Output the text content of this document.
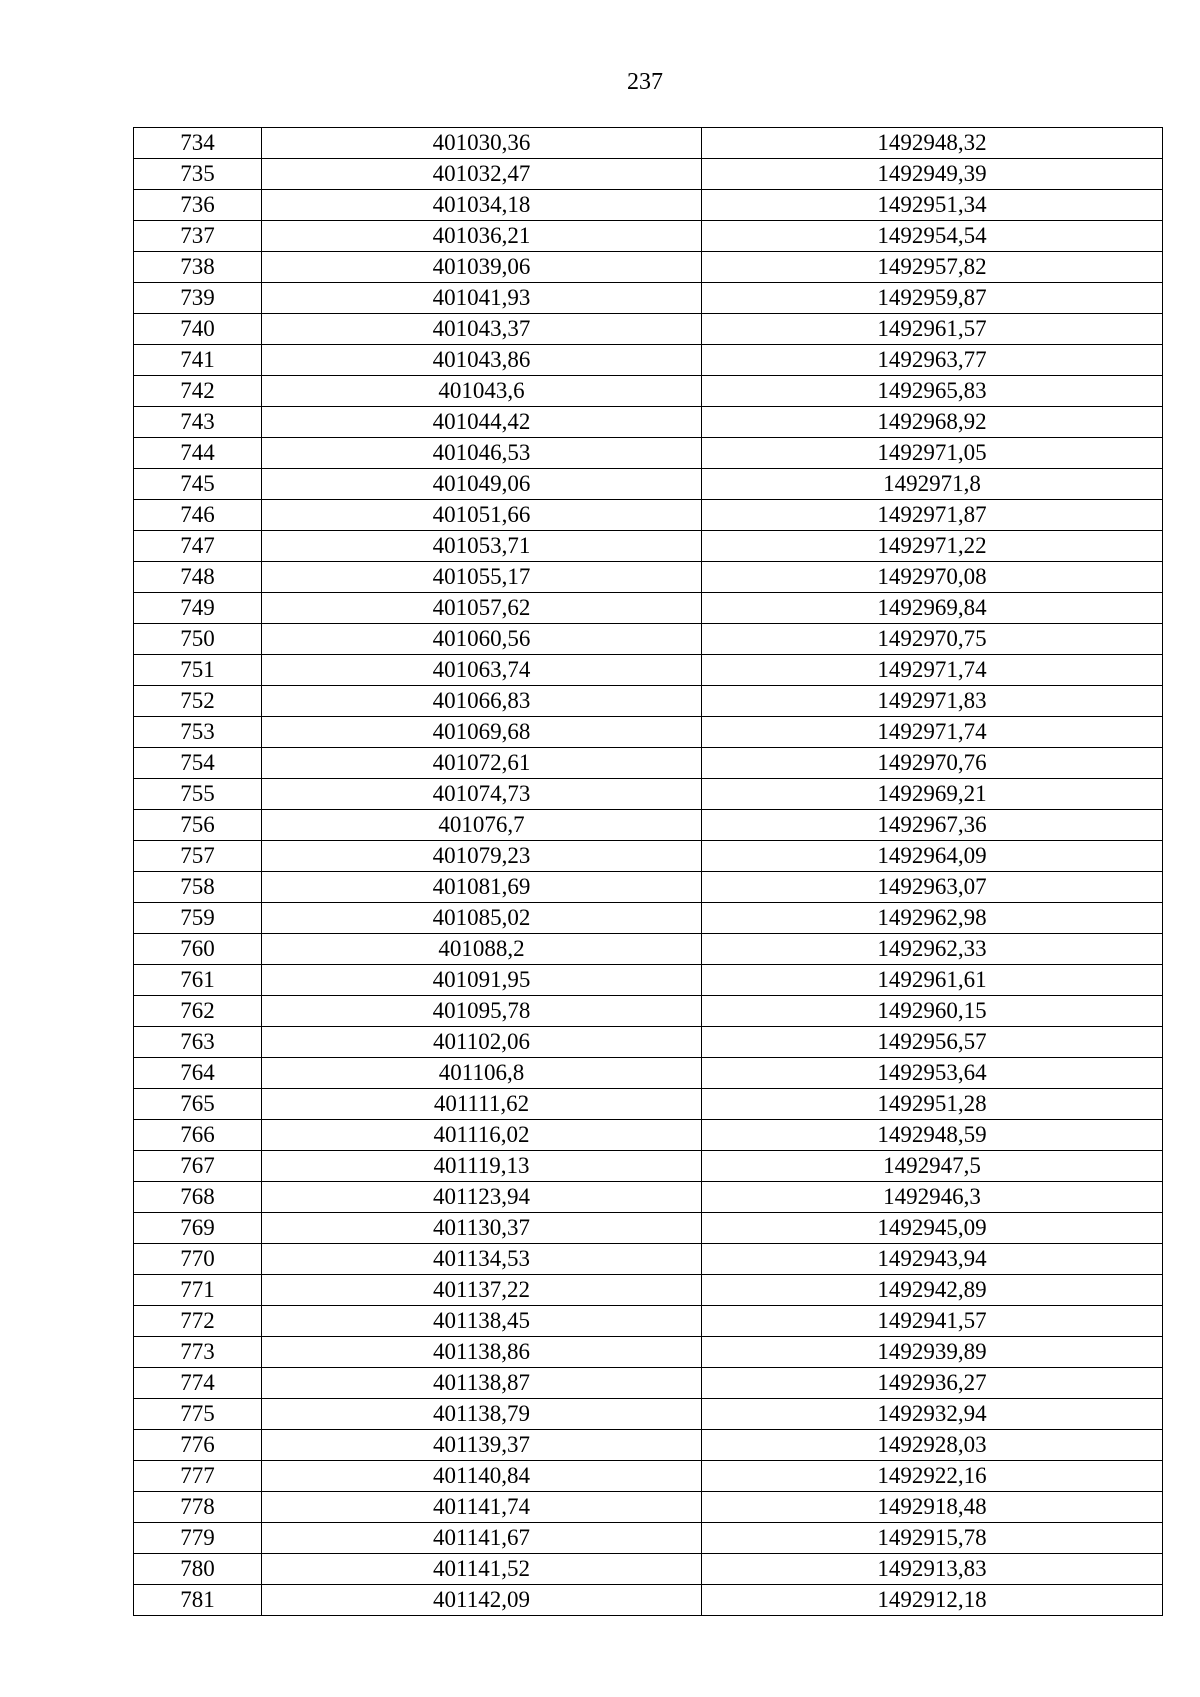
237
734	401030,36	1492948,32
735	401032,47	1492949,39
736	401034,18	1492951,34
737	401036,21	1492954,54
738	401039,06	1492957,82
739	401041,93	1492959,87
740	401043,37	1492961,57
741	401043,86	1492963,77
742	401043,6	1492965,83
743	401044,42	1492968,92
744	401046,53	1492971,05
745	401049,06	1492971,8
746	401051,66	1492971,87
747	401053,71	1492971,22
748	401055,17	1492970,08
749	401057,62	1492969,84
750	401060,56	1492970,75
751	401063,74	1492971,74
752	401066,83	1492971,83
753	401069,68	1492971,74
754	401072,61	1492970,76
755	401074,73	1492969,21
756	401076,7	1492967,36
757	401079,23	1492964,09
758	401081,69	1492963,07
759	401085,02	1492962,98
760	401088,2	1492962,33
761	401091,95	1492961,61
762	401095,78	1492960,15
763	401102,06	1492956,57
764	401106,8	1492953,64
765	401111,62	1492951,28
766	401116,02	1492948,59
767	401119,13	1492947,5
768	401123,94	1492946,3
769	401130,37	1492945,09
770	401134,53	1492943,94
771	401137,22	1492942,89
772	401138,45	1492941,57
773	401138,86	1492939,89
774	401138,87	1492936,27
775	401138,79	1492932,94
776	401139,37	1492928,03
777	401140,84	1492922,16
778	401141,74	1492918,48
779	401141,67	1492915,78
780	401141,52	1492913,83
781	401142,09	1492912,18
